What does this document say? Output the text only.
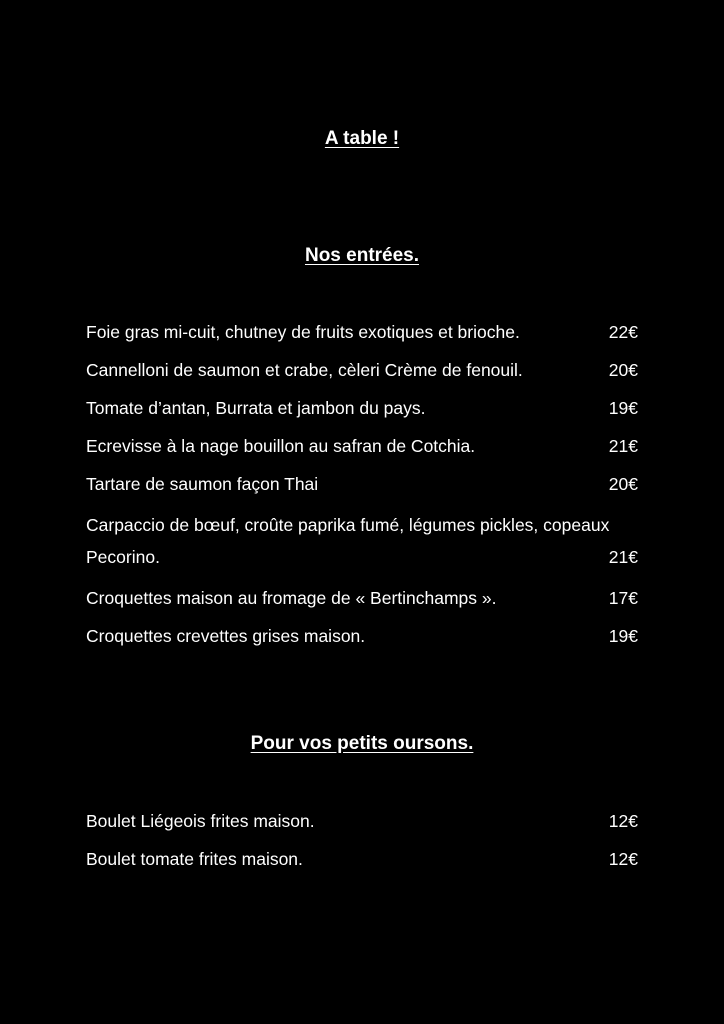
A table !
Nos entrées.
Foie gras mi-cuit, chutney de fruits exotiques et brioche.	22€
Cannelloni de saumon et crabe, cèleri Crème de fenouil.	20€
Tomate d’antan, Burrata et jambon du pays.	19€
Ecrevisse à la nage bouillon au safran de Cotchia.	21€
Tartare de saumon façon Thai	20€
Carpaccio de bœuf, croûte paprika fumé, légumes pickles, copeaux Pecorino.	21€
Croquettes maison au fromage de « Bertinchamps ».	17€
Croquettes crevettes grises maison.	19€
Pour vos petits oursons.
Boulet Liégeois frites maison.	12€
Boulet tomate frites maison.	12€
